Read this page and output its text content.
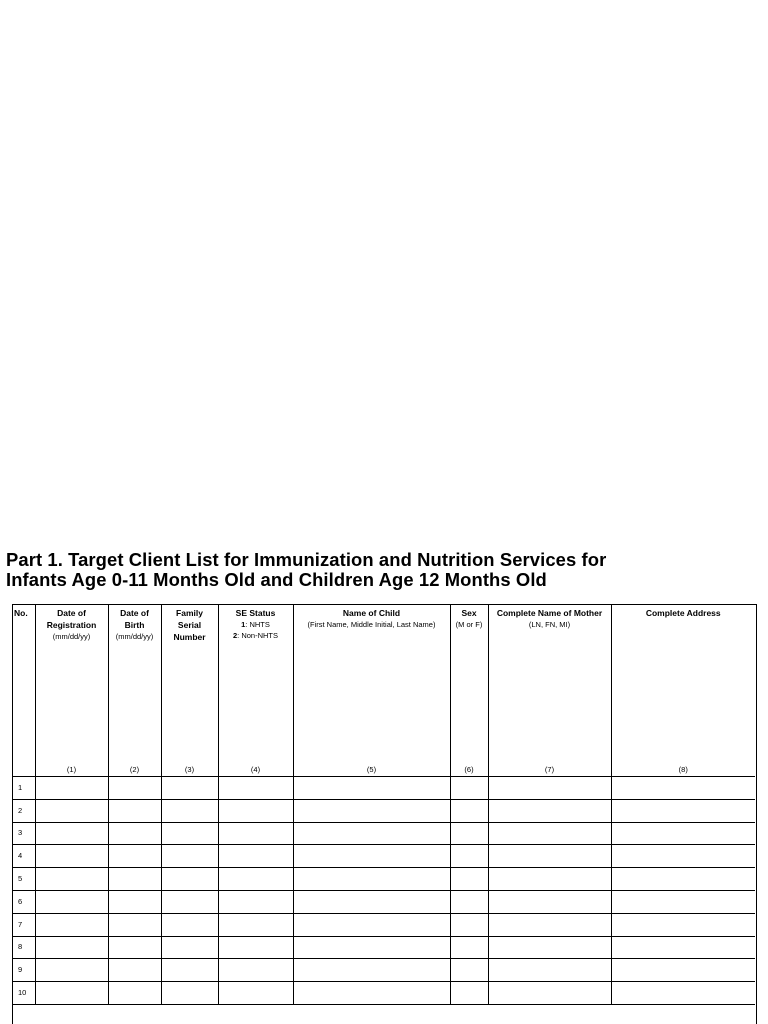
Part 1. Target Client List for Immunization and Nutrition Services for
Infants Age 0-11 Months Old and Children Age 12 Months Old
No.	Date of
Registration
(mm/dd/yy)
(1)	Date of
Birth
(mm/dd/yy)
(2)	Family
Serial
Number
(3)	SE Status
1: NHTS
2: Non-NHTS
(4)	Name of Child
(First Name, Middle Initial, Last Name)
(5)	Sex
(M or F)
(6)	Complete Name of Mother
(LN, FN, MI)
(7)	Complete Address
(8)

1								
2								
3								
4								
5								
6								
7								
8								
9								
10								
